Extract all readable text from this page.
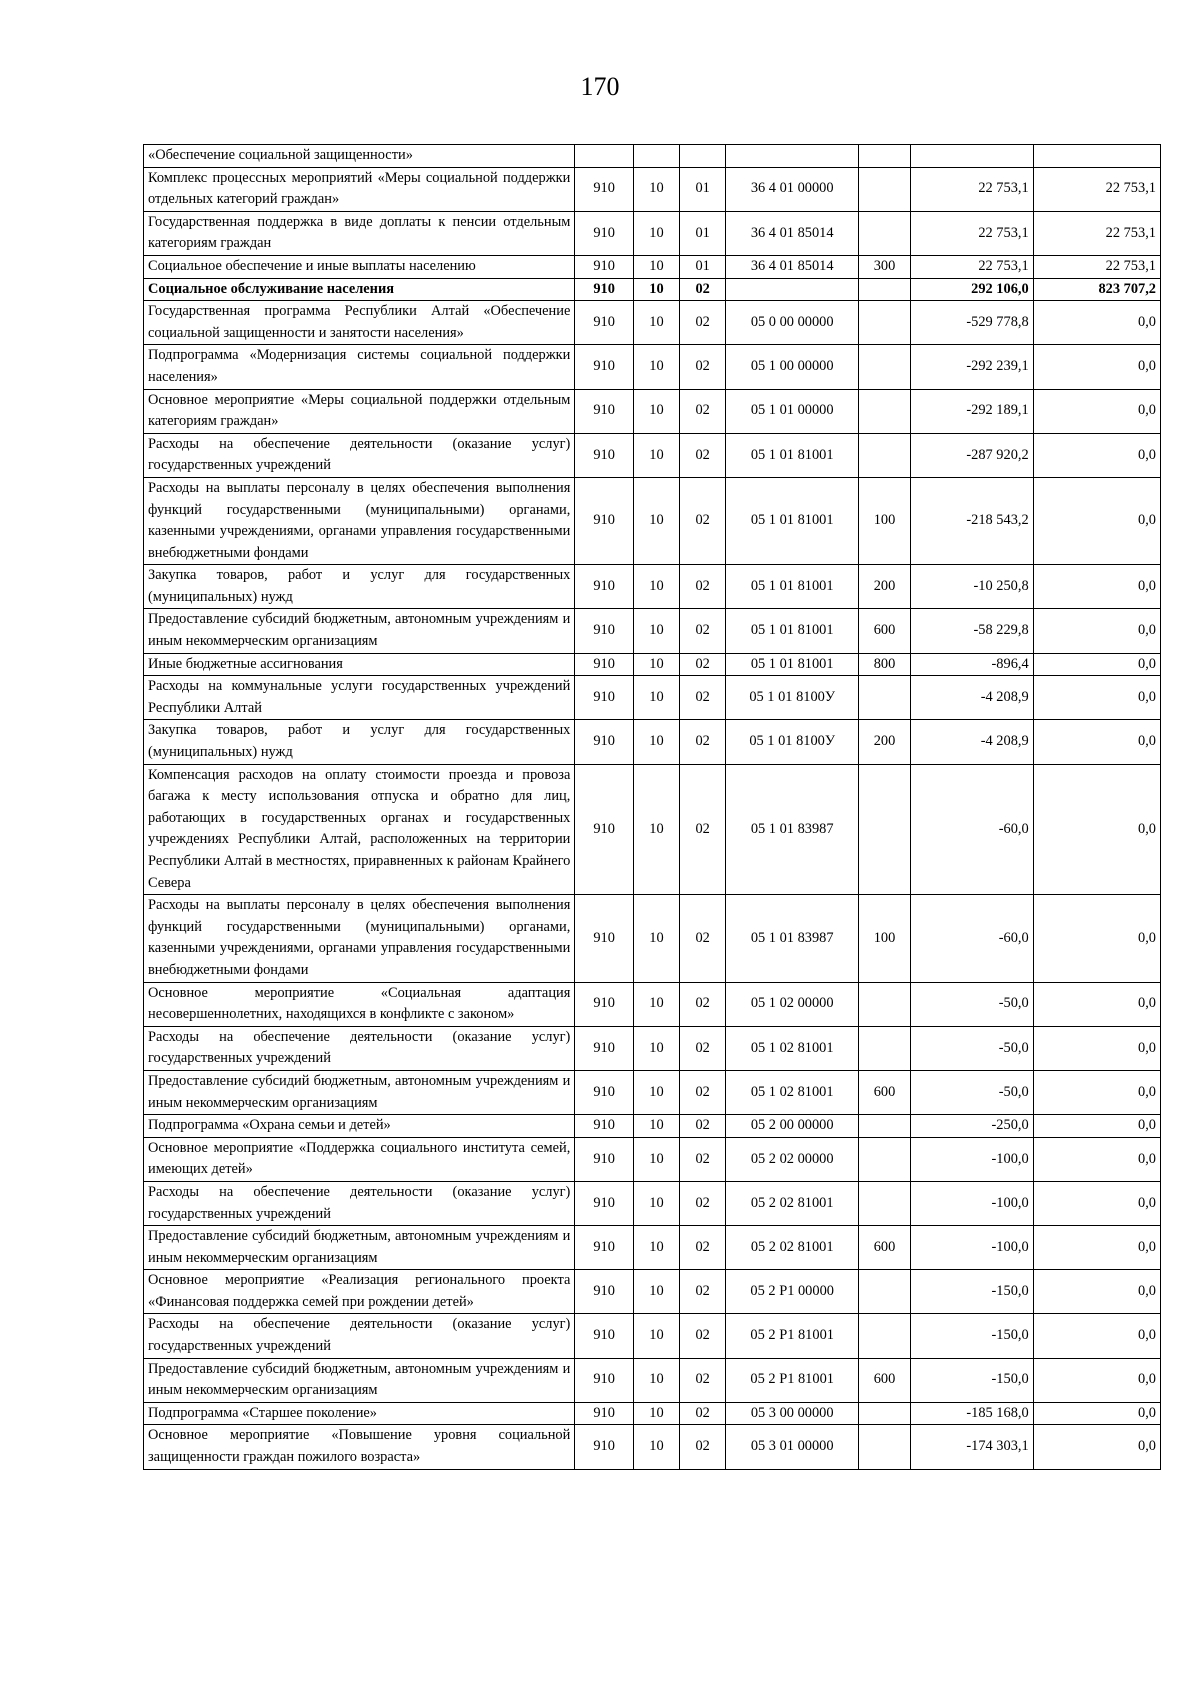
170
«Обеспечение социальной защищенности»							
Комплекс процессных мероприятий «Меры социальной поддержки отдельных категорий граждан»	910	10	01	36 4 01 00000		22 753,1	22 753,1
Государственная поддержка в виде доплаты к пенсии отдельным категориям граждан	910	10	01	36 4 01 85014		22 753,1	22 753,1
Социальное обеспечение и иные выплаты населению	910	10	01	36 4 01 85014	300	22 753,1	22 753,1
Социальное обслуживание населения	910	10	02			292 106,0	823 707,2
Государственная программа Республики Алтай «Обеспечение социальной защищенности и занятости населения»	910	10	02	05 0 00 00000		-529 778,8	0,0
Подпрограмма «Модернизация системы социальной поддержки населения»	910	10	02	05 1 00 00000		-292 239,1	0,0
Основное мероприятие «Меры социальной поддержки отдельным категориям граждан»	910	10	02	05 1 01 00000		-292 189,1	0,0
Расходы на обеспечение деятельности (оказание услуг) государственных учреждений	910	10	02	05 1 01 81001		-287 920,2	0,0
Расходы на выплаты персоналу в целях обеспечения выполнения функций государственными (муниципальными) органами, казенными учреждениями, органами управления государственными внебюджетными фондами	910	10	02	05 1 01 81001	100	-218 543,2	0,0
Закупка товаров, работ и услуг для государственных (муниципальных) нужд	910	10	02	05 1 01 81001	200	-10 250,8	0,0
Предоставление субсидий бюджетным, автономным учреждениям и иным некоммерческим организациям	910	10	02	05 1 01 81001	600	-58 229,8	0,0
Иные бюджетные ассигнования	910	10	02	05 1 01 81001	800	-896,4	0,0
Расходы на коммунальные услуги государственных учреждений Республики Алтай	910	10	02	05 1 01 8100У		-4 208,9	0,0
Закупка товаров, работ и услуг для государственных (муниципальных) нужд	910	10	02	05 1 01 8100У	200	-4 208,9	0,0
Компенсация расходов на оплату стоимости проезда и провоза багажа к месту использования отпуска и обратно для лиц, работающих в государственных органах и государственных учреждениях Республики Алтай, расположенных на территории Республики Алтай в местностях, приравненных к районам Крайнего Севера	910	10	02	05 1 01 83987		-60,0	0,0
Расходы на выплаты персоналу в целях обеспечения выполнения функций государственными (муниципальными) органами, казенными учреждениями, органами управления государственными внебюджетными фондами	910	10	02	05 1 01 83987	100	-60,0	0,0
Основное мероприятие «Социальная адаптация несовершеннолетних, находящихся в конфликте с законом»	910	10	02	05 1 02 00000		-50,0	0,0
Расходы на обеспечение деятельности (оказание услуг) государственных учреждений	910	10	02	05 1 02 81001		-50,0	0,0
Предоставление субсидий бюджетным, автономным учреждениям и иным некоммерческим организациям	910	10	02	05 1 02 81001	600	-50,0	0,0
Подпрограмма «Охрана семьи и детей»	910	10	02	05 2 00 00000		-250,0	0,0
Основное мероприятие «Поддержка социального института семей, имеющих детей»	910	10	02	05 2 02 00000		-100,0	0,0
Расходы на обеспечение деятельности (оказание услуг) государственных учреждений	910	10	02	05 2 02 81001		-100,0	0,0
Предоставление субсидий бюджетным, автономным учреждениям и иным некоммерческим организациям	910	10	02	05 2 02 81001	600	-100,0	0,0
Основное мероприятие «Реализация регионального проекта «Финансовая поддержка семей при рождении детей»	910	10	02	05 2 P1 00000		-150,0	0,0
Расходы на обеспечение деятельности (оказание услуг) государственных учреждений	910	10	02	05 2 P1 81001		-150,0	0,0
Предоставление субсидий бюджетным, автономным учреждениям и иным некоммерческим организациям	910	10	02	05 2 P1 81001	600	-150,0	0,0
Подпрограмма «Старшее поколение»	910	10	02	05 3 00 00000		-185 168,0	0,0
Основное мероприятие «Повышение уровня социальной защищенности граждан пожилого возраста»	910	10	02	05 3 01 00000		-174 303,1	0,0
